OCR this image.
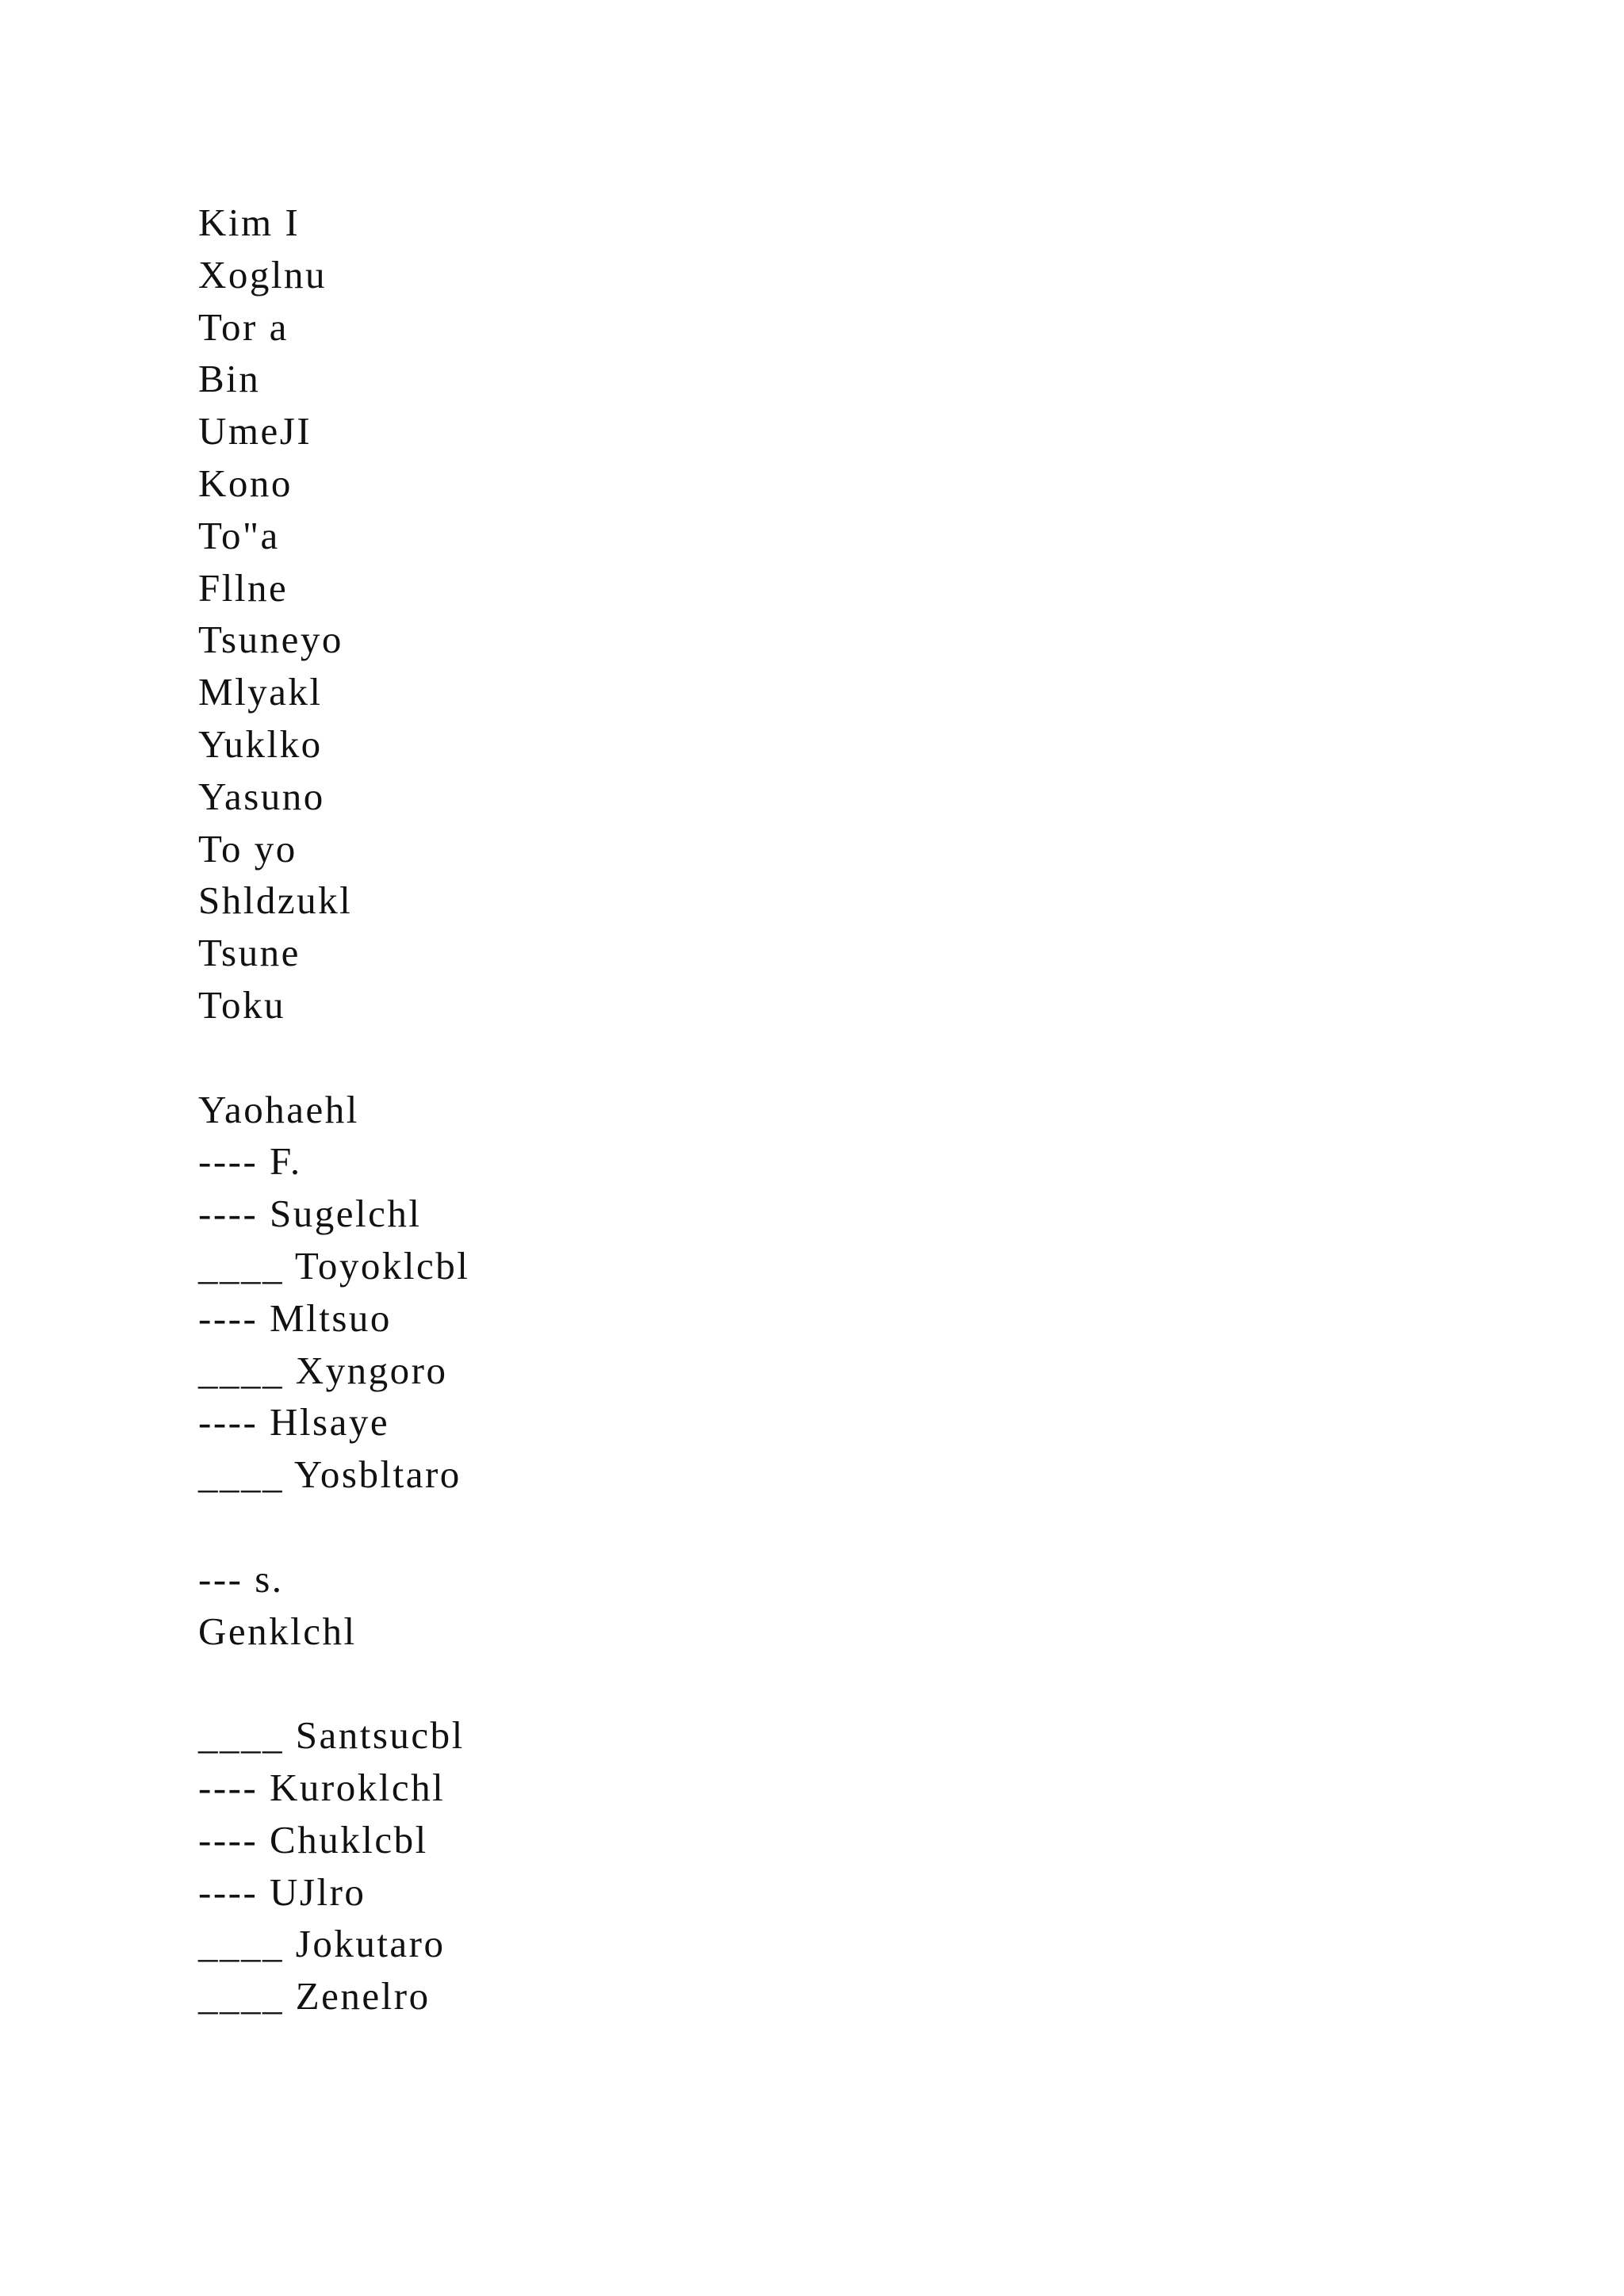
Kim I
Xoglnu
Tor a
Bin
UmeJI
Kono
To"a
Fllne
Tsuneyo
Mlyakl
Yuklko
Yasuno
To yo
Shldzukl
Tsune
Toku
Yaohaehl
---- F.
---- Sugelchl
____ Toyoklcbl
---- Mltsuo
____ Xyngoro
---- Hlsaye
____ Yosbltaro
--- s.
Genklchl
____ Santsucbl
---- Kuroklchl
---- Chuklcbl
---- UJlro
____ Jokutaro
____ Zenelro
